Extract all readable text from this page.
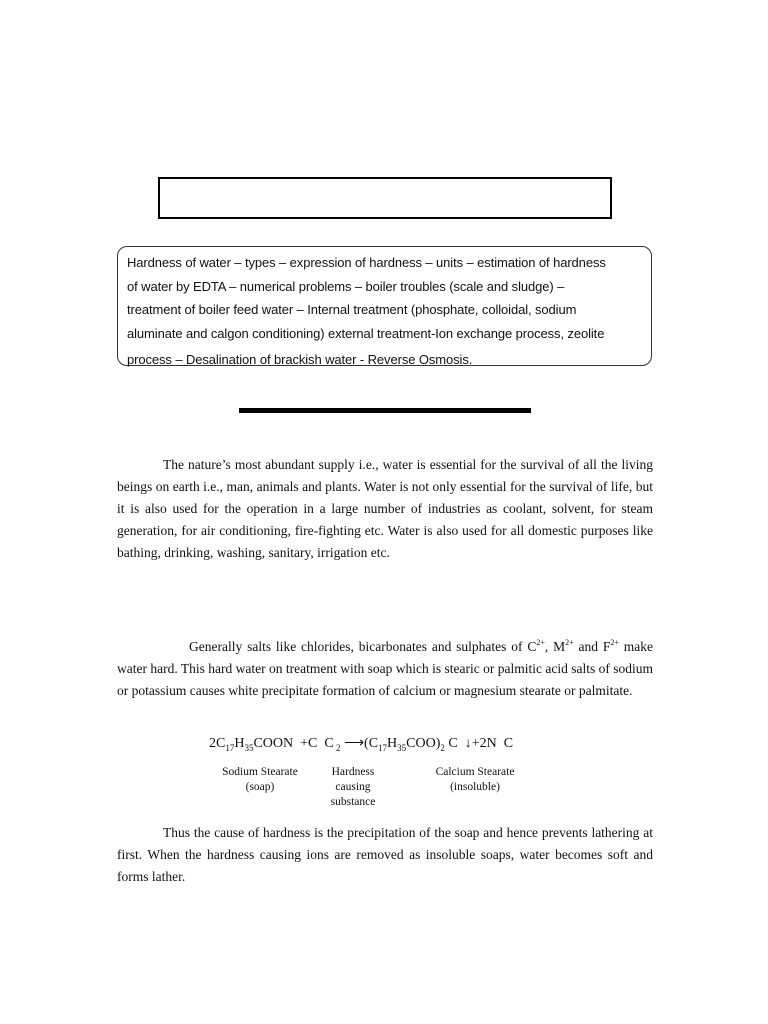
Hardness of water – types – expression of hardness – units – estimation of hardness
of water by EDTA – numerical problems – boiler troubles (scale and sludge) –
treatment of boiler feed water – Internal treatment (phosphate, colloidal, sodium
aluminate and calgon conditioning) external treatment-Ion exchange process, zeolite
process – Desalination of brackish water - Reverse Osmosis.

The nature’s most abundant supply i.e., water is essential for the survival of all the living beings on earth i.e., man, animals and plants. Water is not only essential for the survival of life, but it is also used for the operation in a large number of industries as coolant, solvent, for steam generation, for air conditioning, fire-fighting etc. Water is also used for all domestic purposes like bathing, drinking, washing, sanitary, irrigation etc.

Generally salts like chlorides, bicarbonates and sulphates of $C^{2+}$, $M^{2+}$ and $F^{2+}$ make water hard. This hard water on treatment with soap which is stearic or palmitic acid salts of sodium or potassium causes white precipitate formation of calcium or magnesium stearate or palmitate.

$2C_{17}H_{35}COON +C$  C $_2$ $⟶(C_{17}H_{35}COO)_2$ C  ↓+2N  C
Sodium Stearate
(soap)
Hardness
causing
substance
Calcium Stearate
(insoluble)

Thus the cause of hardness is the precipitation of the soap and hence prevents lathering at first. When the hardness causing ions are removed as insoluble soaps, water becomes soft and forms lather.
